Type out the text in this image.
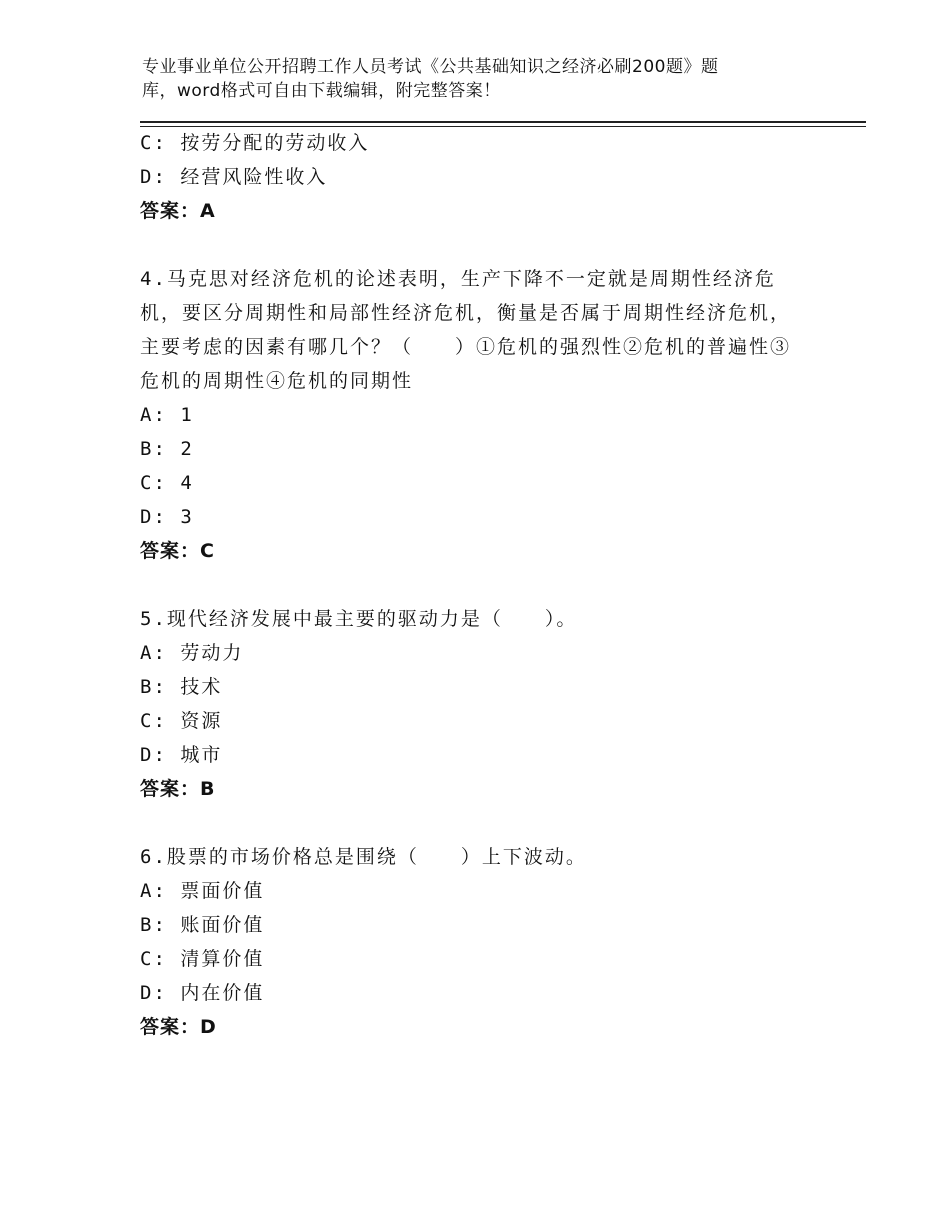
专业事业单位公开招聘工作人员考试《公共基础知识之经济必刷200题》题
库，word格式可自由下载编辑，附完整答案！

C: 按劳分配的劳动收入

D: 经营风险性收入

答案：A

4.马克思对经济危机的论述表明，生产下降不一定就是周期性经济危机，要区分周期性和局部性经济危机，衡量是否属于周期性经济危机，主要考虑的因素有哪几个？（　　）①危机的强烈性②危机的普遍性③危机的周期性④危机的同期性

A: 1

B: 2

C: 4

D: 3

答案：C

5.现代经济发展中最主要的驱动力是（　　）。

A: 劳动力

B: 技术

C: 资源

D: 城市

答案：B

6.股票的市场价格总是围绕（　　）上下波动。

A: 票面价值

B: 账面价值

C: 清算价值

D: 内在价值

答案：D
